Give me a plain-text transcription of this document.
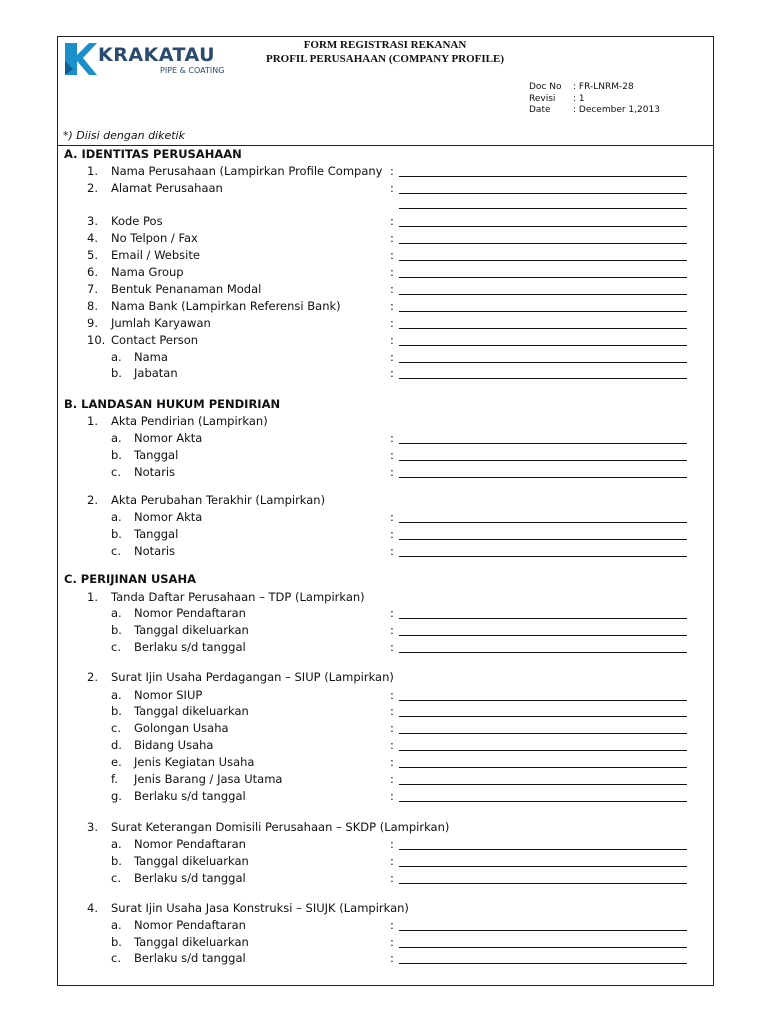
KRAKATAU
PIPE & COATING
FORM REGISTRASI REKANAN
PROFIL PERUSAHAAN (COMPANY PROFILE)
Doc No : FR-LNRM-28
Revisi : 1
Date : December 1,2013
*) Diisi dengan diketik
A. IDENTITAS PERUSAHAAN
B. LANDASAN HUKUM PENDIRIAN
C. PERIJINAN USAHA
1. Nama Perusahaan (Lampirkan Profile Company :
2. Alamat Perusahaan	:
3. Kode Pos	:
4. No Telpon / Fax	:
5. Email / Website	:
6. Nama Group	:
7. Bentuk Penanaman Modal	:
8. Nama Bank (Lampirkan Referensi Bank)	:
9. Jumlah Karyawan	:
10. Contact Person	:
a. Nama	:
b. Jabatan	:
1. Akta Pendirian (Lampirkan)
a. Nomor Akta	:
b. Tanggal	:
c. Notaris	:
2. Akta Perubahan Terakhir (Lampirkan)
a. Nomor Akta	:
b. Tanggal	:
c. Notaris	:
1. Tanda Daftar Perusahaan – TDP (Lampirkan)
a. Nomor Pendaftaran	:
b. Tanggal dikeluarkan	:
c. Berlaku s/d tanggal	:
2. Surat Ijin Usaha Perdagangan – SIUP (Lampirkan)
a. Nomor SIUP	:
b. Tanggal dikeluarkan	:
c. Golongan Usaha	:
d. Bidang Usaha	:
e. Jenis Kegiatan Usaha	:
f. Jenis Barang / Jasa Utama	:
g. Berlaku s/d tanggal	:
3. Surat Keterangan Domisili Perusahaan – SKDP (Lampirkan)
a. Nomor Pendaftaran	:
b. Tanggal dikeluarkan	:
c. Berlaku s/d tanggal	:
4. Surat Ijin Usaha Jasa Konstruksi – SIUJK (Lampirkan)
a. Nomor Pendaftaran	:
b. Tanggal dikeluarkan	:
c. Berlaku s/d tanggal	:
